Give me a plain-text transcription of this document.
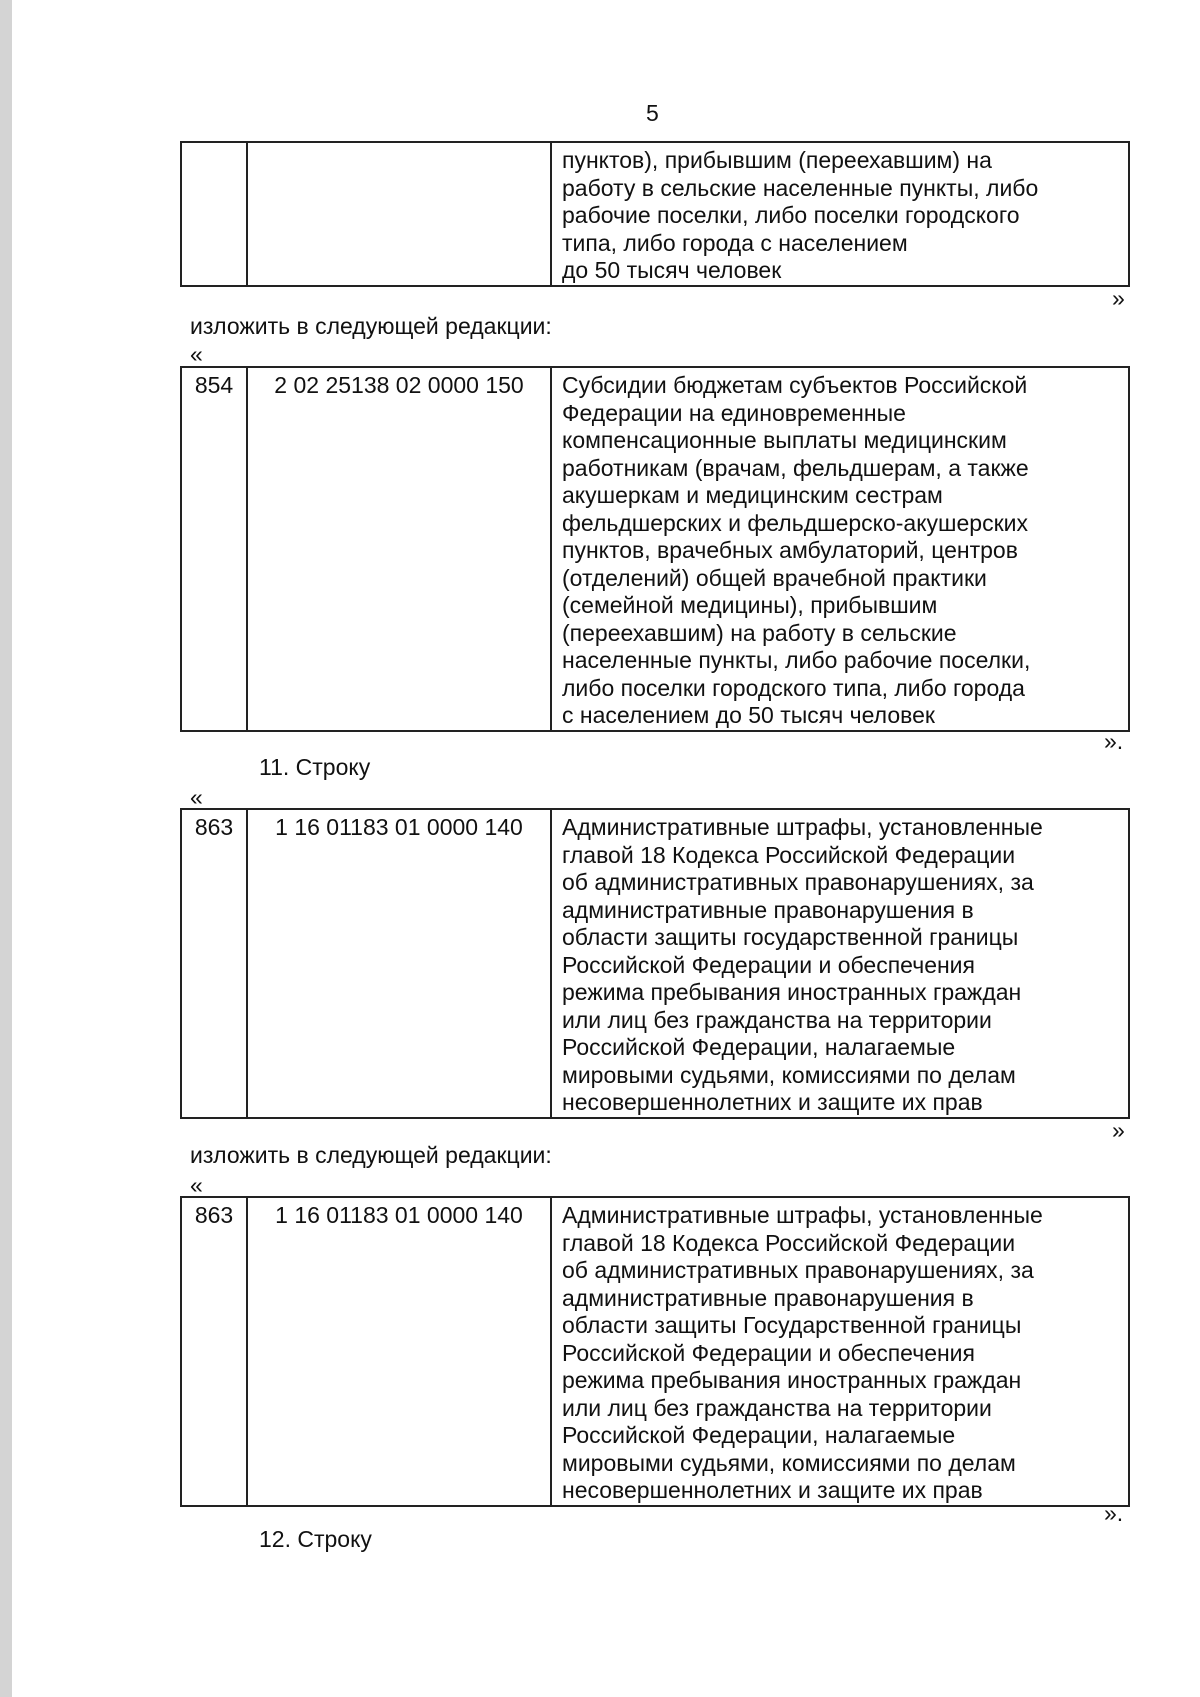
5
		пунктов), прибывшим (переехавшим) на
работу в сельские населенные пункты, либо
рабочие поселки, либо поселки городского
типа, либо города с населением
до 50 тысяч человек
»
изложить в следующей редакции:
«
854	2 02 25138 02 0000 150	Субсидии бюджетам субъектов Российской
Федерации на единовременные
компенсационные выплаты медицинским
работникам (врачам, фельдшерам, а также
акушеркам и медицинским сестрам
фельдшерских и фельдшерско-акушерских
пунктов, врачебных амбулаторий, центров
(отделений) общей врачебной практики
(семейной медицины), прибывшим
(переехавшим) на работу в сельские
населенные пункты, либо рабочие поселки,
либо поселки городского типа, либо города
с населением до 50 тысяч человек
».
11. Строку
«
863	1 16 01183 01 0000 140	Административные штрафы, установленные
главой 18 Кодекса Российской Федерации
об административных правонарушениях, за
административные правонарушения в
области защиты государственной границы
Российской Федерации и обеспечения
режима пребывания иностранных граждан
или лиц без гражданства на территории
Российской Федерации, налагаемые
мировыми судьями, комиссиями по делам
несовершеннолетних и защите их прав
»
изложить в следующей редакции:
«
863	1 16 01183 01 0000 140	Административные штрафы, установленные
главой 18 Кодекса Российской Федерации
об административных правонарушениях, за
административные правонарушения в
области защиты Государственной границы
Российской Федерации и обеспечения
режима пребывания иностранных граждан
или лиц без гражданства на территории
Российской Федерации, налагаемые
мировыми судьями, комиссиями по делам
несовершеннолетних и защите их прав
».
12. Строку
